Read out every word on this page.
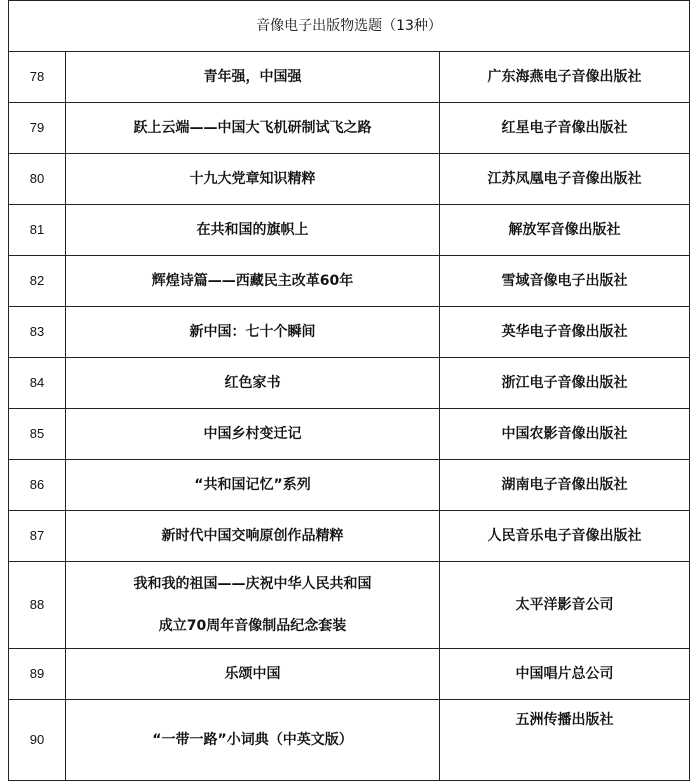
音像电子出版物选题（13种）		
78	青年强，中国强	广东海燕电子音像出版社
79	跃上云端——中国大飞机研制试飞之路	红星电子音像出版社
80	十九大党章知识精粹	江苏凤凰电子音像出版社
81	在共和国的旗帜上	解放军音像出版社
82	辉煌诗篇——西藏民主改革60年	雪域音像电子出版社
83	新中国：七十个瞬间	英华电子音像出版社
84	红色家书	浙江电子音像出版社
85	中国乡村变迁记	中国农影音像出版社
86	“共和国记忆”系列	湖南电子音像出版社
87	新时代中国交响原创作品精粹	人民音乐电子音像出版社
88	我和我的祖国——庆祝中华人民共和国
成立70周年音像制品纪念套装	太平洋影音公司
89	乐颂中国	中国唱片总公司
90	“一带一路”小词典（中英文版）	五洲传播出版社
